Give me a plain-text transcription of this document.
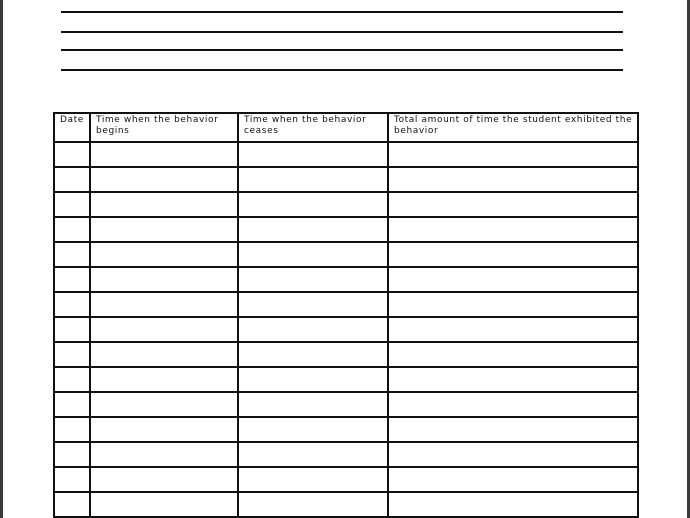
Date	Time when the behavior begins	Time when the behavior ceases	Total amount of time the student exhibited the behavior
